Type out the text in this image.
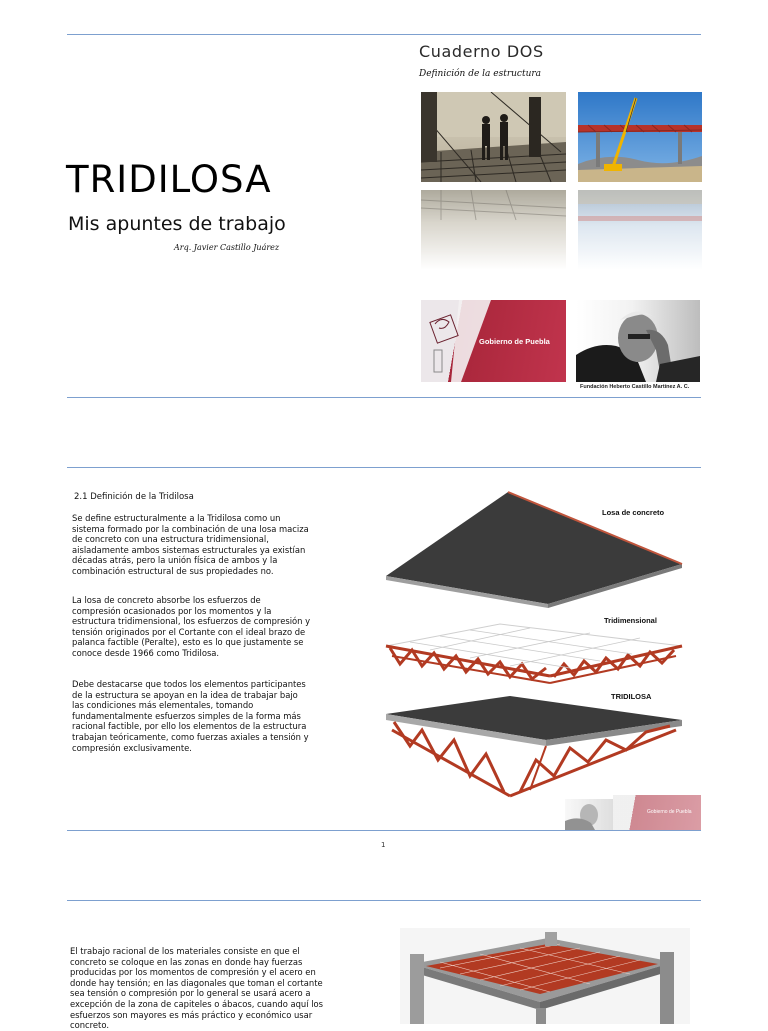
Cuaderno DOS
Definición de la estructura
TRIDILOSA
Mis apuntes de trabajo
Arq. Javier Castillo Juárez
Gobierno de Puebla
Fundación Heberto Castillo Martínez A. C.
2.1 Definición de la Tridilosa
Se define estructuralmente a la Tridilosa como un sistema formado por la combinación de una losa maciza de concreto con una estructura tridimensional, aisladamente ambos sistemas estructurales ya existían décadas atrás, pero la unión física de ambos y la combinación estructural de sus propiedades no.
La losa de concreto absorbe los esfuerzos de compresión ocasionados por los momentos y la estructura tridimensional, los esfuerzos de compresión y tensión originados por el Cortante con el ideal brazo de palanca factible (Peralte), esto es lo que justamente se conoce desde 1966 como Tridilosa.
Debe destacarse que todos los elementos participantes de la estructura se apoyan en la idea de trabajar bajo las condiciones más elementales, tomando fundamentalmente esfuerzos simples de la forma más racional factible, por ello los elementos de la estructura trabajan teóricamente, como fuerzas axiales a tensión y compresión exclusivamente.
Losa de concreto
Tridimensional
TRIDILOSA
Gobierno de Puebla
1
El trabajo racional de los materiales consiste en que el concreto se coloque en las zonas en donde hay fuerzas producidas por los momentos de compresión y el acero en donde hay tensión; en las diagonales que toman el cortante sea tensión o compresión por lo general se usará acero a excepción de la zona de capiteles o ábacos, cuando aquí los esfuerzos son mayores es más práctico y económico usar concreto.
